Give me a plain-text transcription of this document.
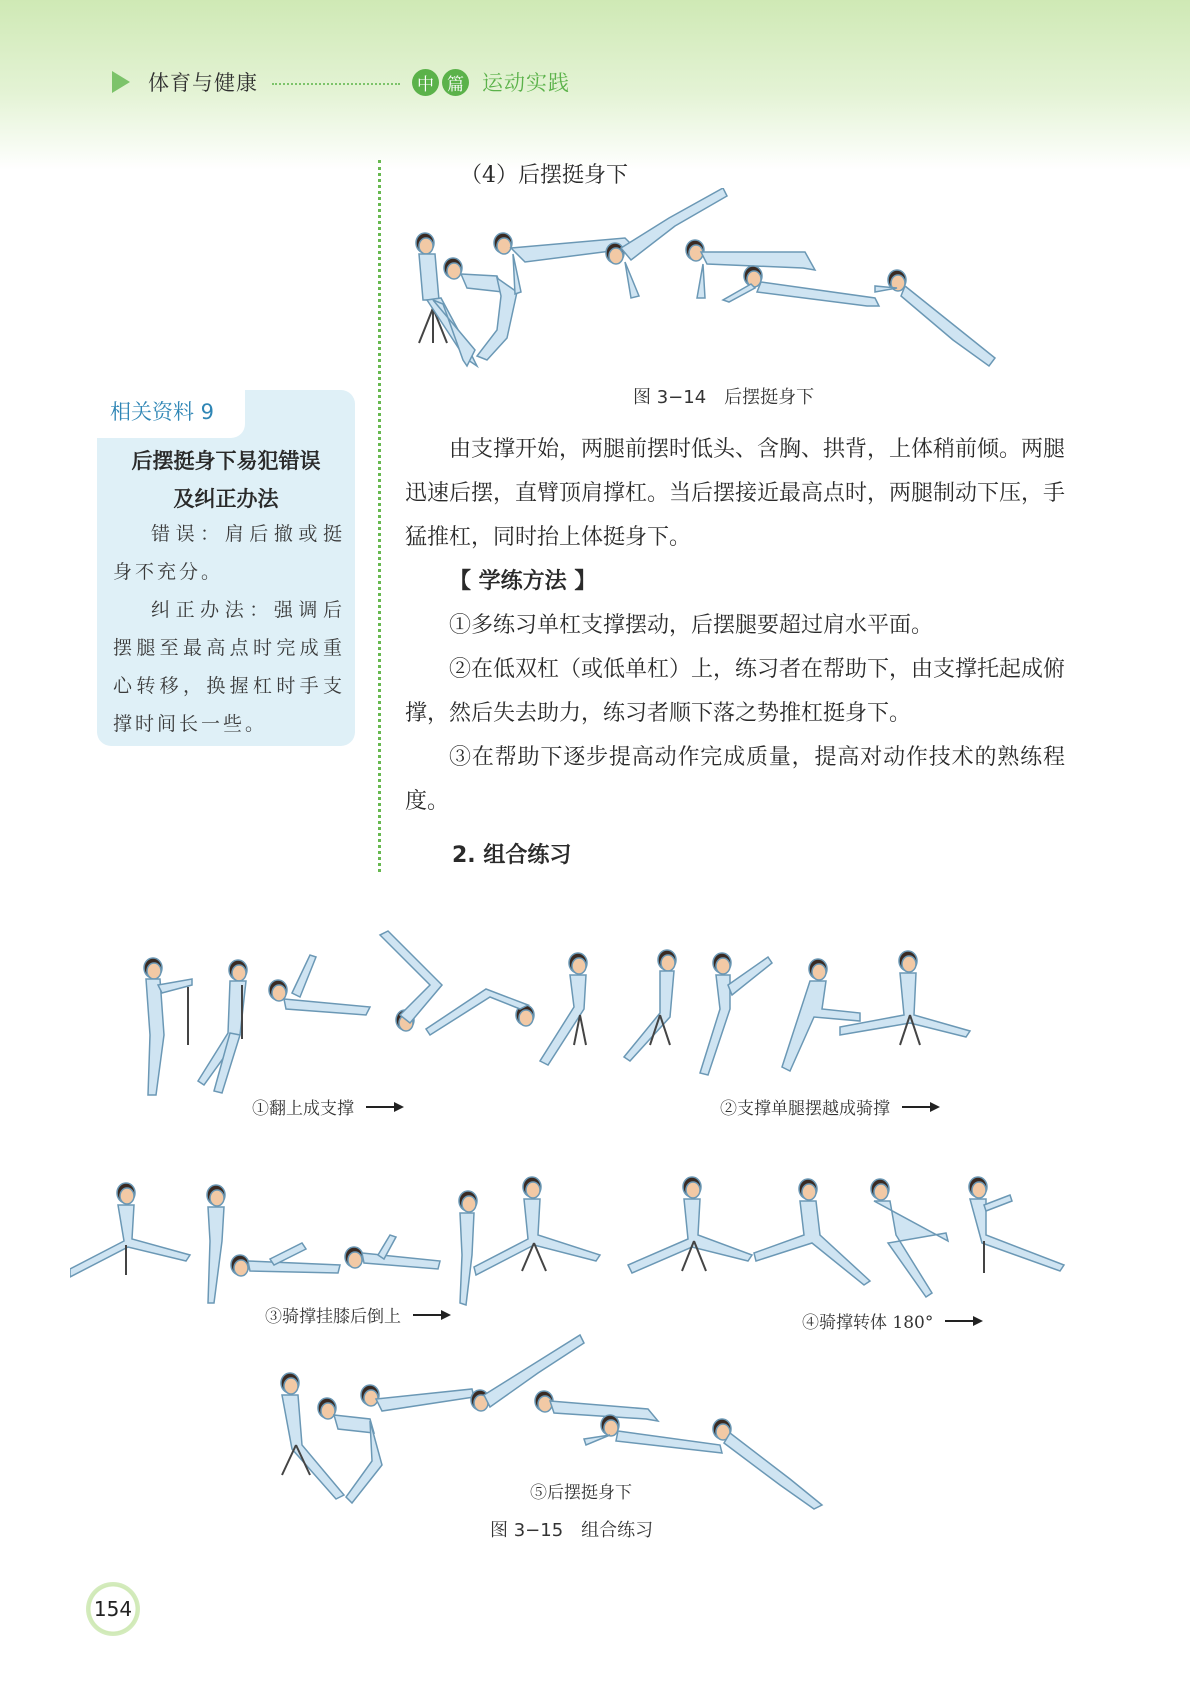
体育与健康	中 篇 运动实践
相关资料 9
后摆挺身下易犯错误
及纠正办法

错误：肩后撤或挺身不充分。

纠正办法：强调后摆腿至最高点时完成重心转移，换握杠时手支撑时间长一些。

（4）后摆挺身下
图 3−14　后摆挺身下

由支撑开始，两腿前摆时低头、含胸、拱背，上体稍前倾。两腿迅速后摆，直臂顶肩撑杠。当后摆接近最高点时，两腿制动下压，手猛推杠，同时抬上体挺身下。

【 学练方法 】

①多练习单杠支撑摆动，后摆腿要超过肩水平面。

②在低双杠（或低单杠）上，练习者在帮助下，由支撑托起成俯撑，然后失去助力，练习者顺下落之势推杠挺身下。

③在帮助下逐步提高动作完成质量，提高对动作技术的熟练程度。

2. 组合练习
①翻上成支撑	②支撑单腿摆越成骑撑
③骑撑挂膝后倒上	④骑撑转体 180°
⑤后摆挺身下
图 3−15　组合练习
154
